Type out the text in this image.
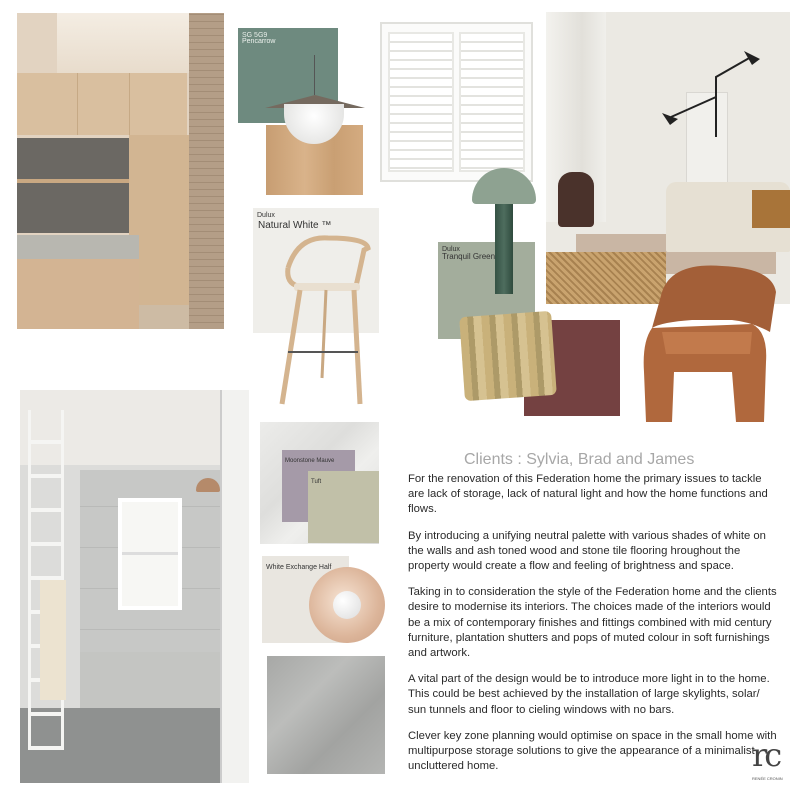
SG 5G9
Pencarrow
Dulux
Natural White ™
Dulux
Tranquil Green
Moonstone Mauve
Tuft
White Exchange Half
Clients : Sylvia, Brad and James

For the renovation of this Federation home the primary issues to tackle are lack of storage, lack of natural light and how the home functions and flows.

By introducing a unifying neutral palette with various shades of white on the walls and ash toned wood and stone tile flooring hroughout the property would create a flow and feeling of brightness and space.

Taking in to consideration the style of the Federation home and the clients desire to modernise its interiors. The choices made of the interiors would be a mix of contemporary finishes and fittings combined with mid century furniture, plantation shutters and pops of muted colour in soft furnishings and artwork.

A vital part of the design would be to introduce more light in to the home. This could be best achieved by the installation of large skylights, solar/ sun tunnels and floor to cieling windows with no bars.

Clever key zone planning would optimise on space in the small home with multipurpose storage solutions to give the appearance of a minimalist uncluttered home.	rc
RENÉE CRONIN
